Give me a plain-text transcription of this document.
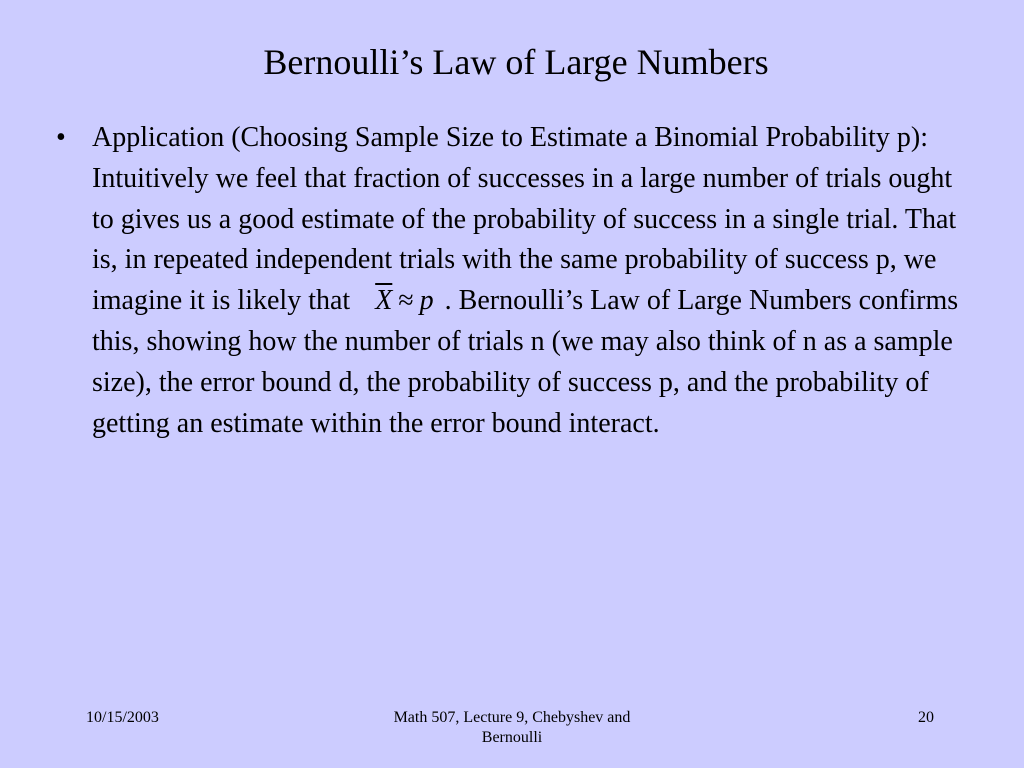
Bernoulli’s Law of Large Numbers
• Application (Choosing Sample Size to Estimate a Binomial Probability p): Intuitively we feel that fraction of successes in a large number of trials ought to gives us a good estimate of the probability of success in a single trial. That is, in repeated independent trials with the same probability of success p, we imagine it is likely that $\overline{X} \approx p$ . Bernoulli’s Law of Large Numbers confirms this, showing how the number of trials n (we may also think of n as a sample size), the error bound d, the probability of success p, and the probability of getting an estimate within the error bound interact.
10/15/2003	Math 507, Lecture 9, Chebyshev and
Bernoulli
20
